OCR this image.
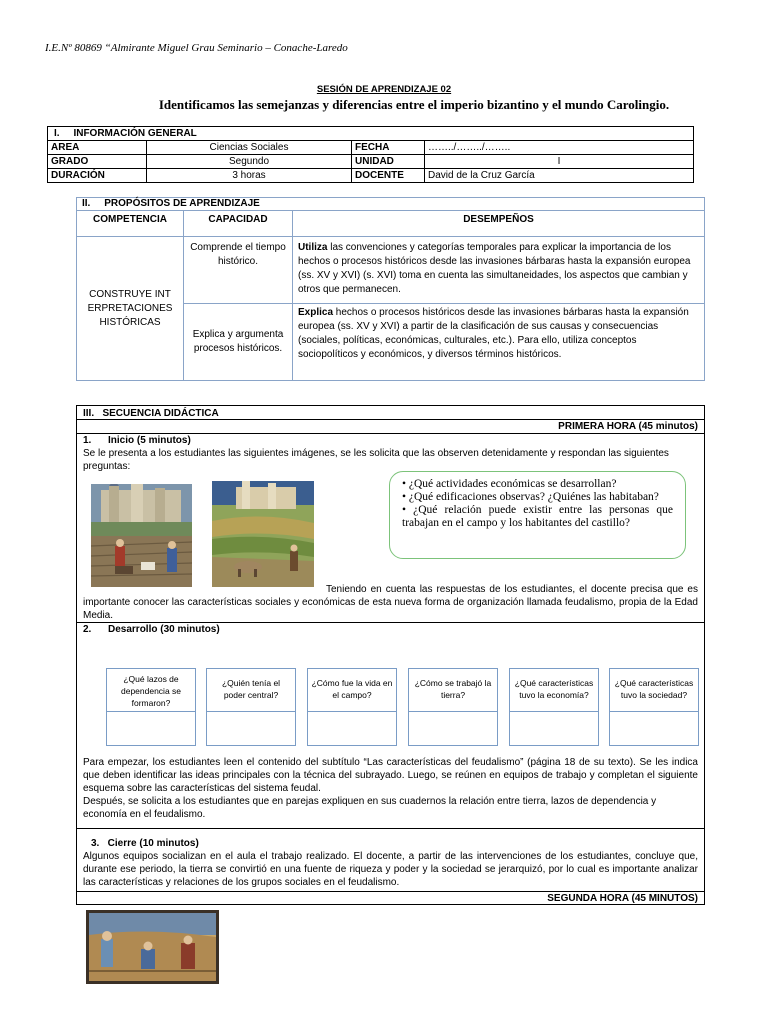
I.E.Nº 80869 “Almirante Miguel Grau Seminario – Conache-Laredo
SESIÓN DE APRENDIZAJE 02
Identificamos las semejanzas y diferencias entre el imperio bizantino y el mundo Carolingio.
I.     INFORMACIÓN GENERAL			
AREA	Ciencias Sociales	FECHA	……../……../……..
GRADO	Segundo	UNIDAD	I
DURACIÓN	3 horas	DOCENTE	David de la Cruz García
II.     PROPÓSITOS DE APRENDIZAJE		
COMPETENCIA	CAPACIDAD	DESEMPEÑOS

CONSTRUYE INTERPRETACIONES HISTÓRICAS	Comprende el tiempo histórico.	Utiliza las convenciones y categorías temporales para explicar la importancia de los hechos o procesos históricos desde las invasiones bárbaras hasta la expansión europea (ss. XV y XVI) (s. XVI) toma en cuenta las simultaneidades, los aspectos que cambian y otros que permanecen.
	Explica y argumenta procesos históricos.	Explica hechos o procesos históricos desde las invasiones bárbaras hasta la expansión europea (ss. XV y XVI) a partir de la clasificación de sus causas y consecuencias (sociales, políticas, económicas, culturales, etc.). Para ello, utiliza conceptos sociopolíticos y económicos, y diversos términos históricos.
III.   SECUENCIA DIDÁCTICA
PRIMERA HORA (45 minutos)
1.      Inicio (5 minutos)
Se le presenta a los estudiantes las siguientes imágenes, se les solicita que las observen detenidamente y respondan las siguientes preguntas:
Teniendo en cuenta las respuestas de los estudiantes, el docente precisa que es importante conocer las características sociales y económicas de esta nueva forma de organización llamada feudalismo, propia de la Edad Media.
2.      Desarrollo (30 minutos)
Para empezar, los estudiantes leen el contenido del subtítulo “Las características del feudalismo” (página 18 de su texto). Se les indica que deben identificar las ideas principales con la técnica del subrayado. Luego, se reúnen en equipos de trabajo y completan el siguiente esquema sobre las características del sistema feudal.
Después, se solicita a los estudiantes que en parejas expliquen en sus cuadernos la relación entre tierra, lazos de dependencia y economía en el feudalismo.
3.   Cierre (10 minutos)
Algunos equipos socializan en el aula el trabajo realizado. El docente, a partir de las intervenciones de los estudiantes, concluye que, durante ese periodo, la tierra se convirtió en una fuente de riqueza y poder y la sociedad se jerarquizó, por lo cual es importante analizar las características y relaciones de los grupos sociales en el feudalismo.
SEGUNDA HORA (45 MINUTOS)
• ¿Qué actividades económicas se desarrollan?
• ¿Qué edificaciones observas? ¿Quiénes las habitaban?
• ¿Qué relación puede existir entre las personas que trabajan en el campo y los habitantes del castillo?
¿Qué lazos de dependencia se formaron?
¿Quién tenía el poder central?
¿Cómo fue la vida en el campo?
¿Cómo se trabajó la tierra?
¿Qué características tuvo la economía?
¿Qué características tuvo la sociedad?
